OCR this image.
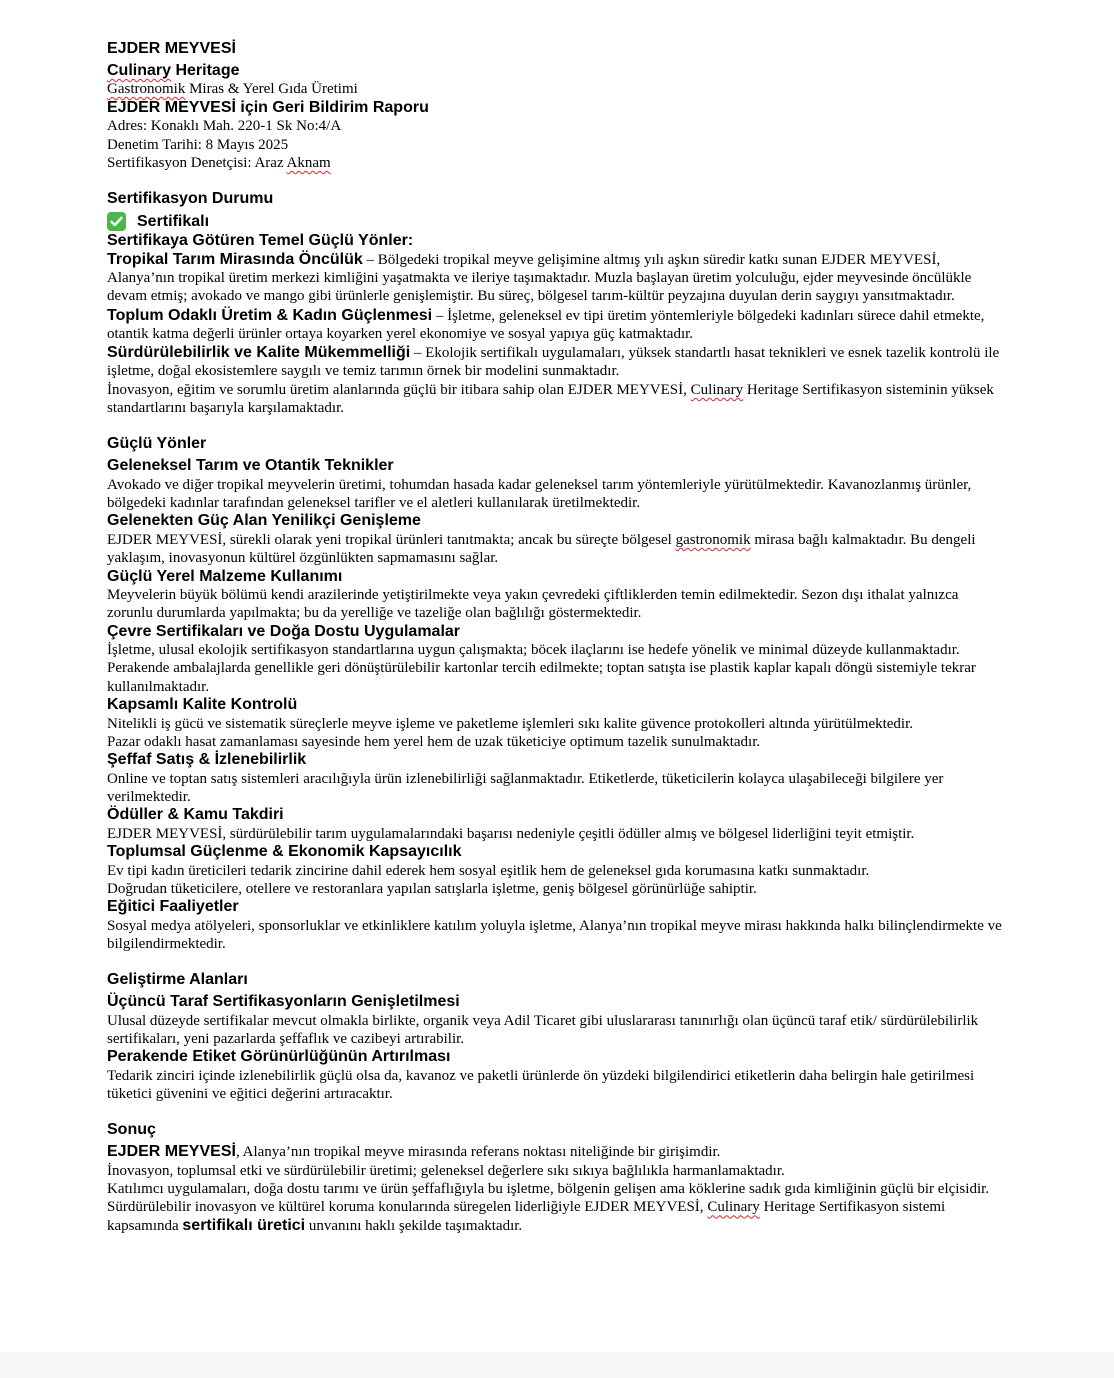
EJDER MEYVESİ
Culinary Heritage

Gastronomik Miras & Yerel Gıda Üretimi

EJDER MEYVESİ için Geri Bildirim Raporu

Adres: Konaklı Mah. 220-1 Sk No:4/A

Denetim Tarihi: 8 Mayıs 2025

Sertifikasyon Denetçisi: Araz Aknam

Sertifikasyon Durumu
Sertifikalı
Sertifikaya Götüren Temel Güçlü Yönler:

Tropikal Tarım Mirasında Öncülük – Bölgedeki tropikal meyve gelişimine altmış yılı aşkın süredir katkı sunan EJDER MEYVESİ, Alanya’nın tropikal üretim merkezi kimliğini yaşatmakta ve ileriye taşımaktadır. Muzla başlayan üretim yolculuğu, ejder meyvesinde öncülükle devam etmiş; avokado ve mango gibi ürünlerle genişlemiştir. Bu süreç, bölgesel tarım-kültür peyzajına duyulan derin saygıyı yansıtmaktadır.

Toplum Odaklı Üretim & Kadın Güçlenmesi – İşletme, geleneksel ev tipi üretim yöntemleriyle bölgedeki kadınları sürece dahil etmekte, otantik katma değerli ürünler ortaya koyarken yerel ekonomiye ve sosyal yapıya güç katmaktadır.

Sürdürülebilirlik ve Kalite Mükemmelliği – Ekolojik sertifikalı uygulamaları, yüksek standartlı hasat teknikleri ve esnek tazelik kontrolü ile işletme, doğal ekosistemlere saygılı ve temiz tarımın örnek bir modelini sunmaktadır.

İnovasyon, eğitim ve sorumlu üretim alanlarında güçlü bir itibara sahip olan EJDER MEYVESİ, Culinary Heritage Sertifikasyon sisteminin yüksek standartlarını başarıyla karşılamaktadır.

Güçlü Yönler
Geleneksel Tarım ve Otantik Teknikler

Avokado ve diğer tropikal meyvelerin üretimi, tohumdan hasada kadar geleneksel tarım yöntemleriyle yürütülmektedir. Kavanozlanmış ürünler, bölgedeki kadınlar tarafından geleneksel tarifler ve el aletleri kullanılarak üretilmektedir.

Gelenekten Güç Alan Yenilikçi Genişleme

EJDER MEYVESİ, sürekli olarak yeni tropikal ürünleri tanıtmakta; ancak bu süreçte bölgesel gastronomik mirasa bağlı kalmaktadır. Bu dengeli yaklaşım, inovasyonun kültürel özgünlükten sapmamasını sağlar.

Güçlü Yerel Malzeme Kullanımı

Meyvelerin büyük bölümü kendi arazilerinde yetiştirilmekte veya yakın çevredeki çiftliklerden temin edilmektedir. Sezon dışı ithalat yalnızca zorunlu durumlarda yapılmakta; bu da yerelliğe ve tazeliğe olan bağlılığı göstermektedir.

Çevre Sertifikaları ve Doğa Dostu Uygulamalar

İşletme, ulusal ekolojik sertifikasyon standartlarına uygun çalışmakta; böcek ilaçlarını ise hedefe yönelik ve minimal düzeyde kullanmaktadır.

Perakende ambalajlarda genellikle geri dönüştürülebilir kartonlar tercih edilmekte; toptan satışta ise plastik kaplar kapalı döngü sistemiyle tekrar kullanılmaktadır.

Kapsamlı Kalite Kontrolü

Nitelikli iş gücü ve sistematik süreçlerle meyve işleme ve paketleme işlemleri sıkı kalite güvence protokolleri altında yürütülmektedir.

Pazar odaklı hasat zamanlaması sayesinde hem yerel hem de uzak tüketiciye optimum tazelik sunulmaktadır.

Şeffaf Satış & İzlenebilirlik

Online ve toptan satış sistemleri aracılığıyla ürün izlenebilirliği sağlanmaktadır. Etiketlerde, tüketicilerin kolayca ulaşabileceği bilgilere yer verilmektedir.

Ödüller & Kamu Takdiri

EJDER MEYVESİ, sürdürülebilir tarım uygulamalarındaki başarısı nedeniyle çeşitli ödüller almış ve bölgesel liderliğini teyit etmiştir.

Toplumsal Güçlenme & Ekonomik Kapsayıcılık

Ev tipi kadın üreticileri tedarik zincirine dahil ederek hem sosyal eşitlik hem de geleneksel gıda korumasına katkı sunmaktadır.

Doğrudan tüketicilere, otellere ve restoranlara yapılan satışlarla işletme, geniş bölgesel görünürlüğe sahiptir.

Eğitici Faaliyetler

Sosyal medya atölyeleri, sponsorluklar ve etkinliklere katılım yoluyla işletme, Alanya’nın tropikal meyve mirası hakkında halkı bilinçlendirmekte ve bilgilendirmektedir.

Geliştirme Alanları
Üçüncü Taraf Sertifikasyonların Genişletilmesi

Ulusal düzeyde sertifikalar mevcut olmakla birlikte, organik veya Adil Ticaret gibi uluslararası tanınırlığı olan üçüncü taraf etik/ sürdürülebilirlik sertifikaları, yeni pazarlarda şeffaflık ve cazibeyi artırabilir.

Perakende Etiket Görünürlüğünün Artırılması

Tedarik zinciri içinde izlenebilirlik güçlü olsa da, kavanoz ve paketli ürünlerde ön yüzdeki bilgilendirici etiketlerin daha belirgin hale getirilmesi tüketici güvenini ve eğitici değerini artıracaktır.

Sonuç

EJDER MEYVESİ, Alanya’nın tropikal meyve mirasında referans noktası niteliğinde bir girişimdir.

İnovasyon, toplumsal etki ve sürdürülebilir üretimi; geleneksel değerlere sıkı sıkıya bağlılıkla harmanlamaktadır.

Katılımcı uygulamaları, doğa dostu tarımı ve ürün şeffaflığıyla bu işletme, bölgenin gelişen ama köklerine sadık gıda kimliğinin güçlü bir elçisidir.

Sürdürülebilir inovasyon ve kültürel koruma konularında süregelen liderliğiyle EJDER MEYVESİ, Culinary Heritage Sertifikasyon sistemi kapsamında sertifikalı üretici unvanını haklı şekilde taşımaktadır.
